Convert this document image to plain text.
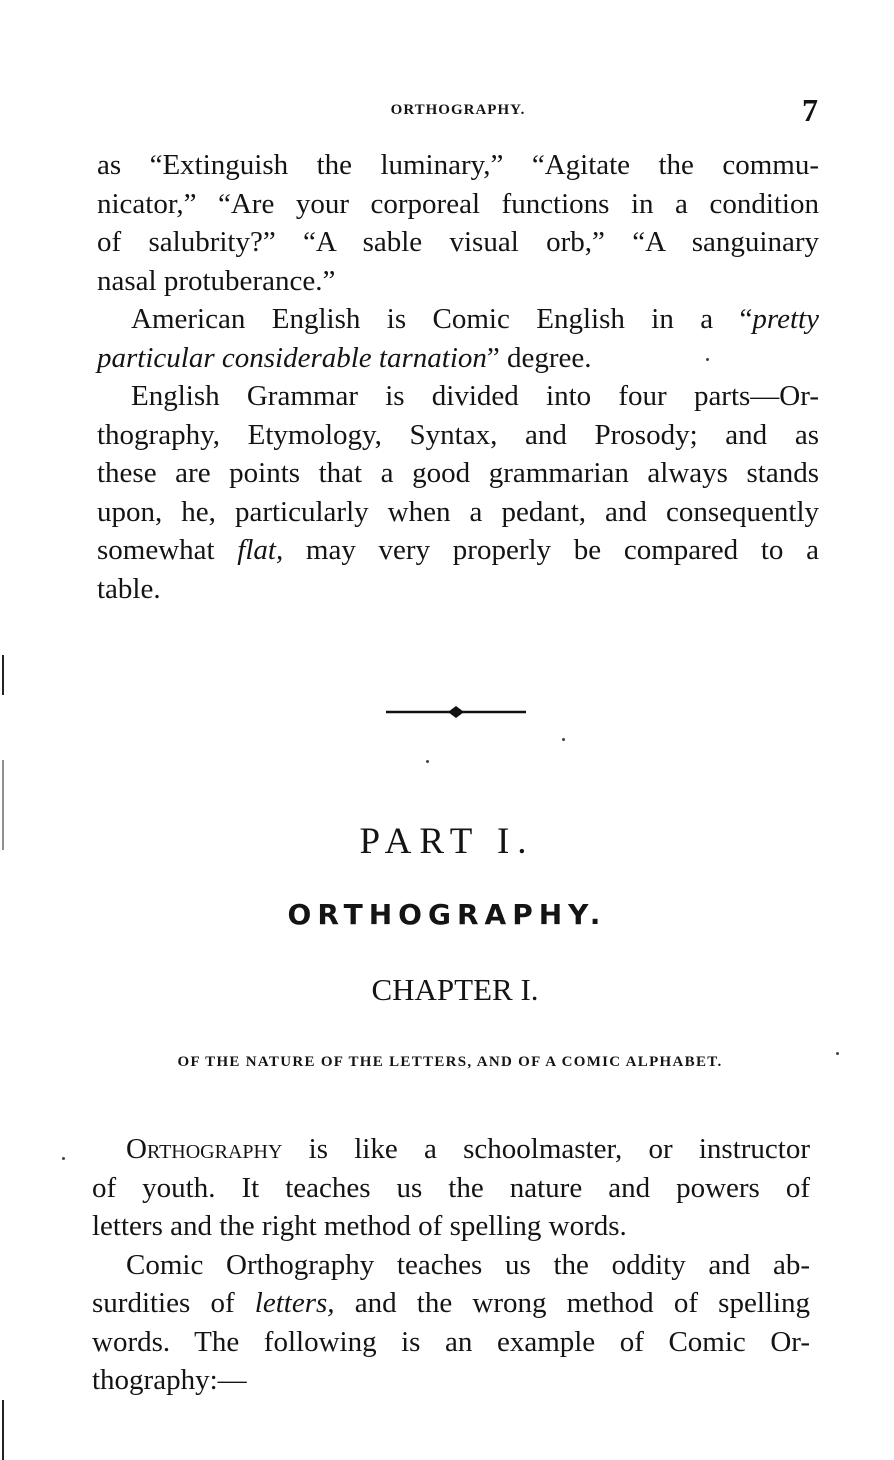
ORTHOGRAPHY.	7
as “Extinguish the luminary,” “Agitate the commu-
nicator,” “Are your corporeal functions in a condition
of salubrity?” “A sable visual orb,” “A sanguinary
nasal protuberance.”
American English is Comic English in a “pretty
particular considerable tarnation” degree.
English Grammar is divided into four parts—Or-
thography, Etymology, Syntax, and Prosody; and as
these are points that a good grammarian always stands
upon, he, particularly when a pedant, and consequently
somewhat flat, may very properly be compared to a
table.
PART I.
ORTHOGRAPHY.
CHAPTER I.
OF THE NATURE OF THE LETTERS, AND OF A COMIC ALPHABET.
Orthography is like a schoolmaster, or instructor
of youth. It teaches us the nature and powers of
letters and the right method of spelling words.
Comic Orthography teaches us the oddity and ab-
surdities of letters, and the wrong method of spelling
words. The following is an example of Comic Or-
thography:—
